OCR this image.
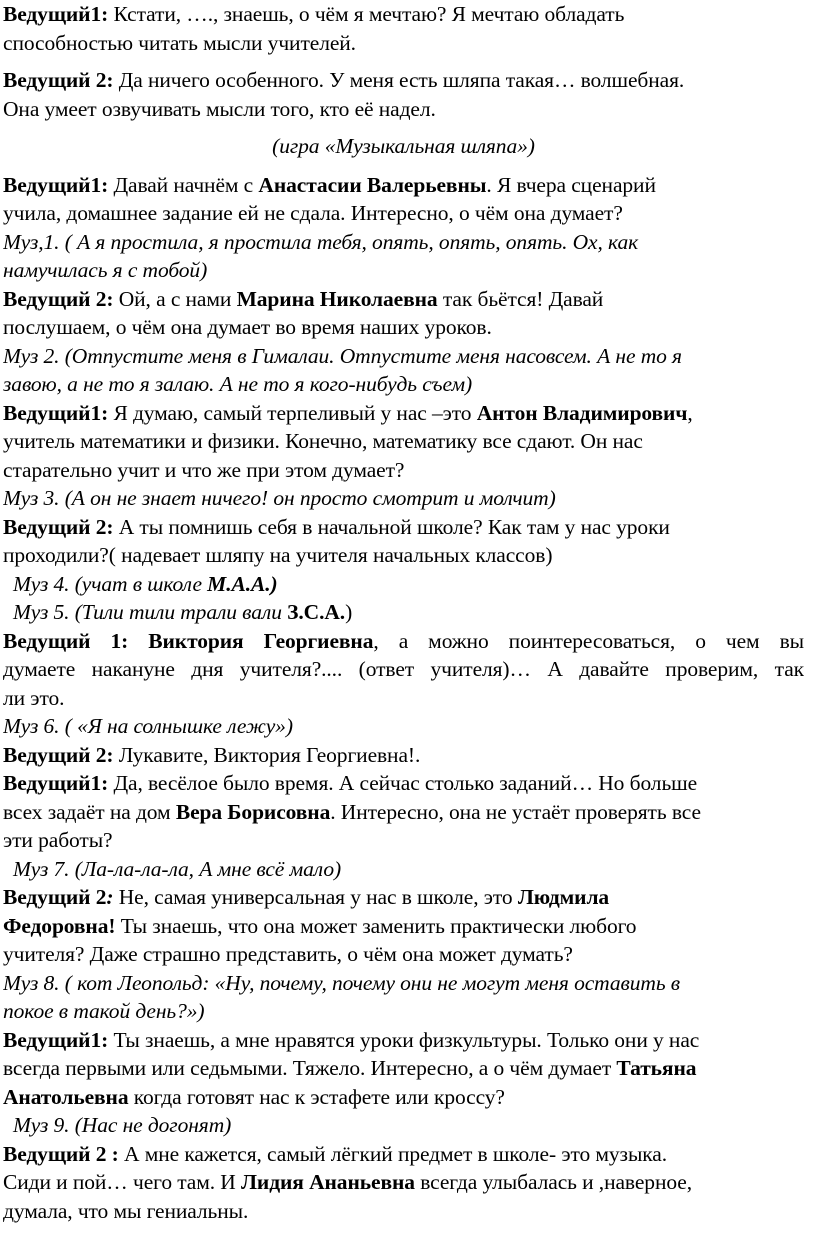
Ведущий1: Кстати, …., знаешь, о чём я мечтаю? Я мечтаю обладать
способностью читать мысли учителей.
Ведущий 2: Да ничего особенного. У меня есть шляпа такая… волшебная.
Она умеет озвучивать мысли того, кто её надел.
(игра «Музыкальная шляпа»)
Ведущий1: Давай начнём с Анастасии Валерьевны. Я вчера сценарий
учила, домашнее задание ей не сдала. Интересно, о чём она думает?
Муз,1. ( А я простила, я простила тебя, опять, опять, опять. Ох, как
намучилась я с тобой)
Ведущий 2: Ой, а с нами Марина Николаевна так бьётся! Давай
послушаем, о чём она думает во время наших уроков.
Муз 2. (Отпустите меня в Гималаи. Отпустите меня насовсем. А не то я
завою, а не то я залаю. А не то я кого-нибудь съем)
Ведущий1: Я думаю, самый терпеливый у нас –это Антон Владимирович,
учитель математики и физики. Конечно, математику все сдают. Он нас
старательно учит и что же при этом думает?
Муз 3. (А он не знает ничего! он просто смотрит и молчит)
Ведущий 2: А ты помнишь себя в начальной школе? Как там у нас уроки
проходили?( надевает шляпу на учителя начальных классов)
Муз 4. (учат в школе М.А.А.)
Муз 5. (Тили тили трали вали З.С.А.)
Ведущий 1: Виктория Георгиевна, а можно поинтересоваться, о чем вы
думаете накануне дня учителя?.... (ответ учителя)… А давайте проверим, так
ли это.
Муз 6. ( «Я на солнышке лежу»)
Ведущий 2: Лукавите, Виктория Георгиевна!.
Ведущий1: Да, весёлое было время. А сейчас столько заданий… Но больше
всех задаёт на дом Вера Борисовна. Интересно, она не устаёт проверять все
эти работы?
Муз 7. (Ла-ла-ла-ла, А мне всё мало)
Ведущий 2: Не, самая универсальная у нас в школе, это Людмила
Федоровна! Ты знаешь, что она может заменить практически любого
учителя? Даже страшно представить, о чём она может думать?
Муз 8. ( кот Леопольд: «Ну, почему, почему они не могут меня оставить в
покое в такой день?»)
Ведущий1: Ты знаешь, а мне нравятся уроки физкультуры. Только они у нас
всегда первыми или седьмыми. Тяжело. Интересно, а о чём думает Татьяна
Анатольевна когда готовят нас к эстафете или кроссу?
Муз 9. (Нас не догонят)
Ведущий 2 : А мне кажется, самый лёгкий предмет в школе- это музыка.
Сиди и пой… чего там. И Лидия Ананьевна всегда улыбалась и ,наверное,
думала, что мы гениальны.
